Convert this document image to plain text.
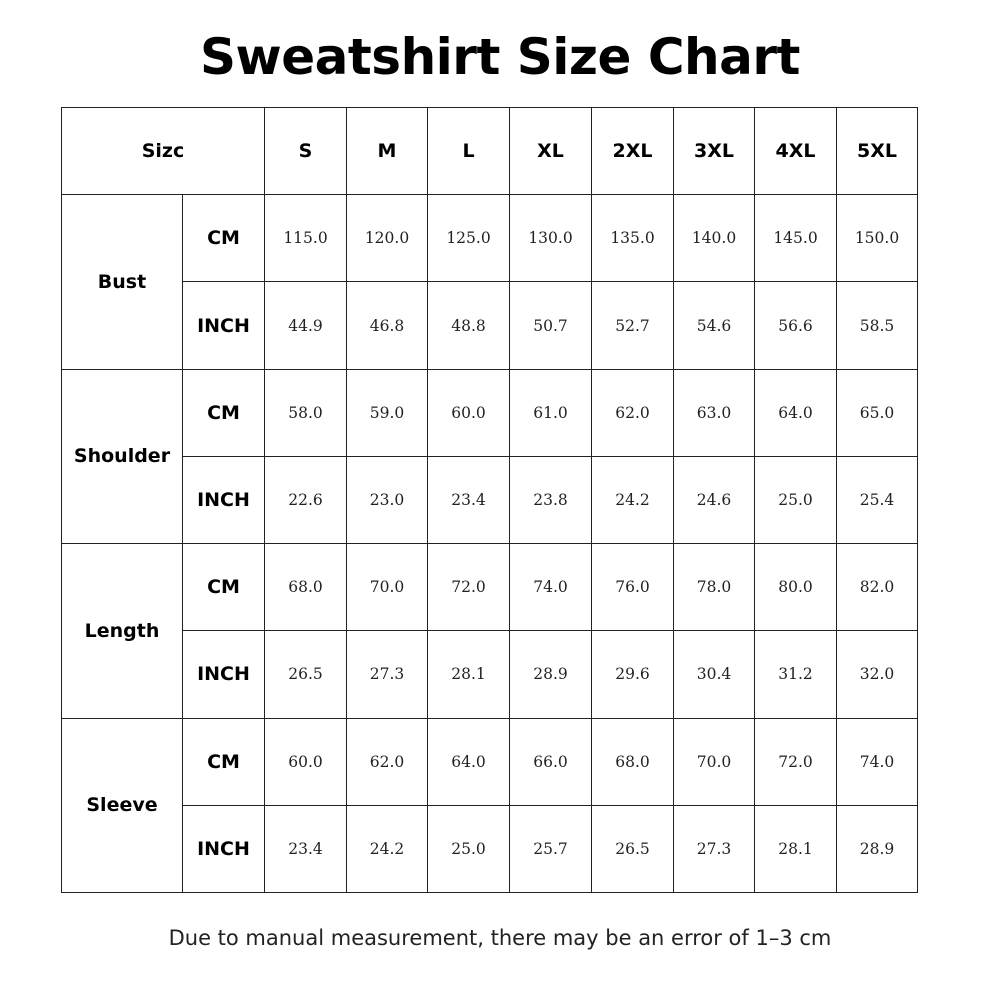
Sweatshirt Size Chart
Sizc		S	M	L	XL	2XL	3XL	4XL	5XL
Bust	CM	115.0	120.0	125.0	130.0	135.0	140.0	145.0	150.0
	INCH	44.9	46.8	48.8	50.7	52.7	54.6	56.6	58.5
Shoulder	CM	58.0	59.0	60.0	61.0	62.0	63.0	64.0	65.0
	INCH	22.6	23.0	23.4	23.8	24.2	24.6	25.0	25.4
Length	CM	68.0	70.0	72.0	74.0	76.0	78.0	80.0	82.0
	INCH	26.5	27.3	28.1	28.9	29.6	30.4	31.2	32.0
Sleeve	CM	60.0	62.0	64.0	66.0	68.0	70.0	72.0	74.0
	INCH	23.4	24.2	25.0	25.7	26.5	27.3	28.1	28.9
Due to manual measurement, there may be an error of 1–3 cm
